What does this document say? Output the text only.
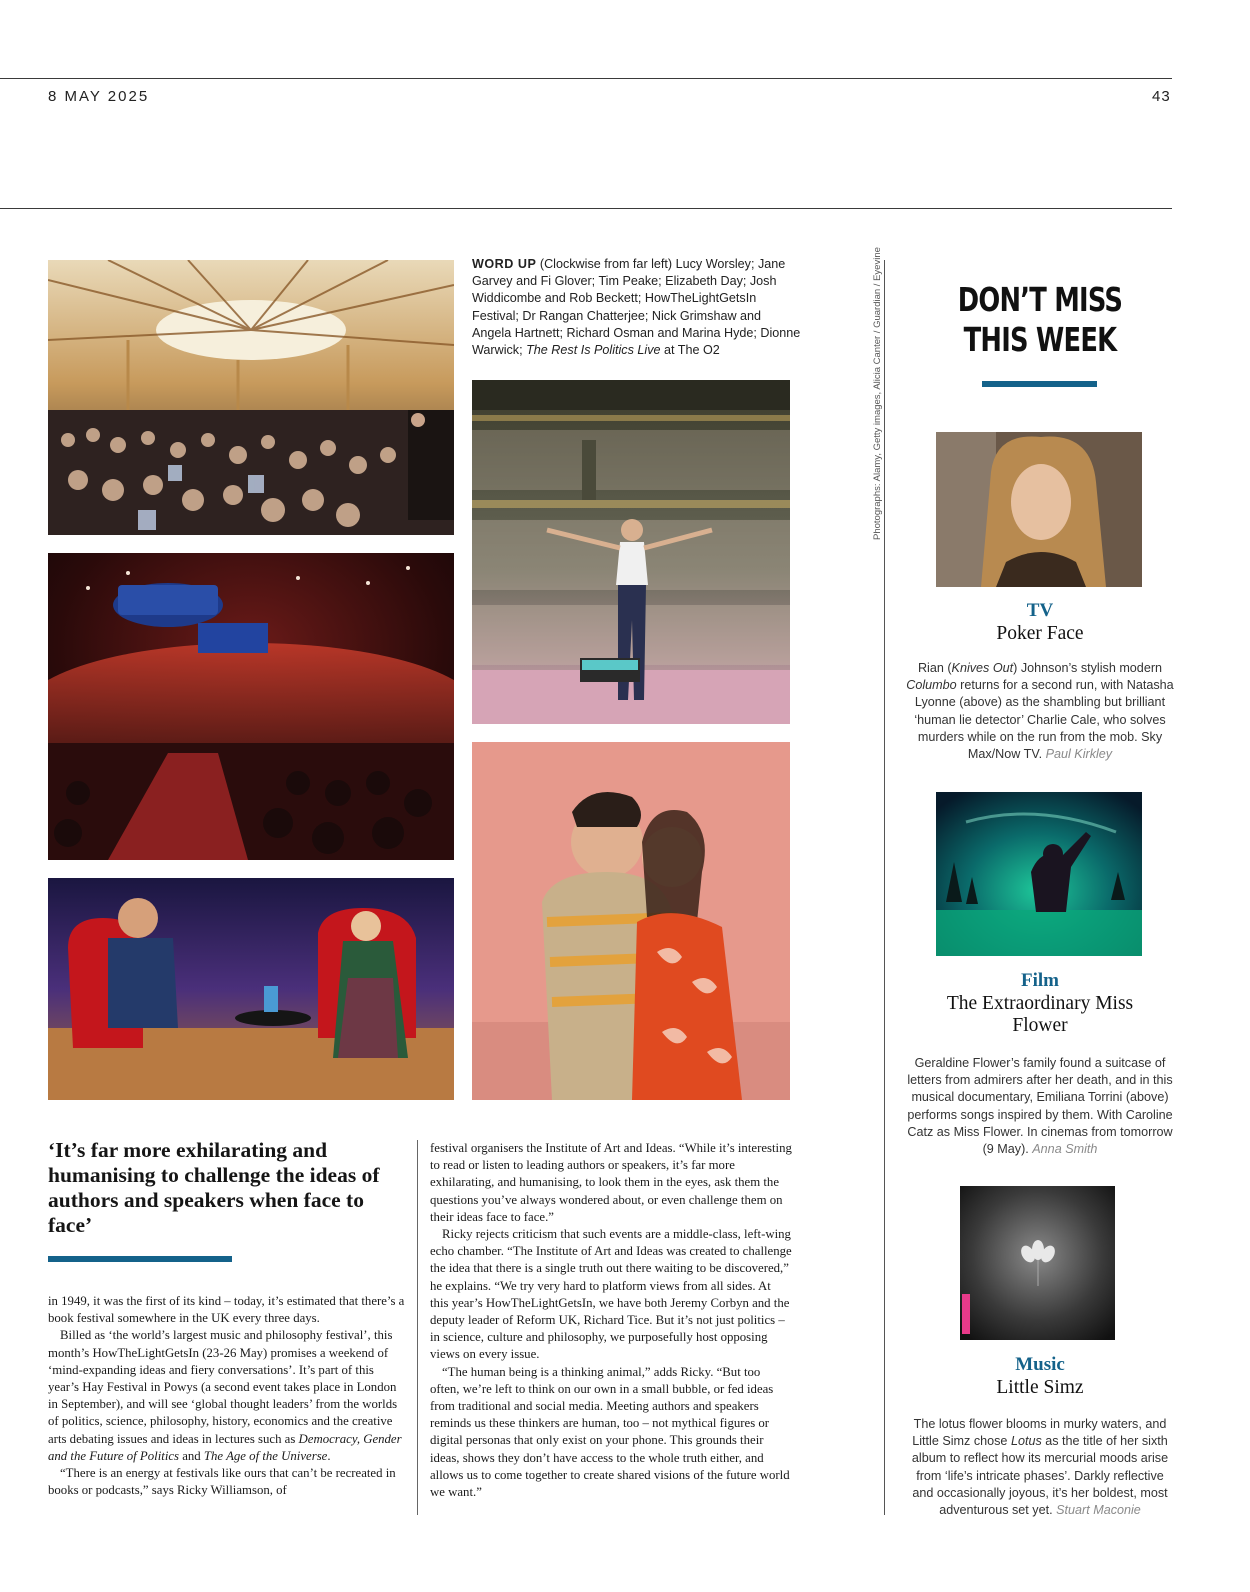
8 MAY 2025	43
WORD UP (Clockwise from far left) Lucy Worsley; Jane Garvey and Fi Glover; Tim Peake; Elizabeth Day; Josh Widdicombe and Rob Beckett; HowTheLightGetsIn Festival; Dr Rangan Chatterjee; Nick Grimshaw and Angela Hartnett; Richard Osman and Marina Hyde; Dionne Warwick; The Rest Is Politics Live at The O2	Photographs: Alamy, Getty images, Alicia Canter / Guardian / Eyevine DON’T MISS
THIS WEEK
TV
Poker Face
Rian (Knives Out) Johnson’s stylish modern Columbo returns for a second run, with Natasha Lyonne (above) as the shambling but brilliant ‘human lie detector’ Charlie Cale, who solves murders while on the run from the mob. Sky Max/Now TV. Paul Kirkley
Film
The Extraordinary Miss Flower
Geraldine Flower’s family found a suitcase of letters from admirers after her death, and in this musical documentary, Emiliana Torrini (above) performs songs inspired by them. With Caroline Catz as Miss Flower. In cinemas from tomorrow (9 May). Anna Smith
Music
Little Simz
The lotus flower blooms in murky waters, and Little Simz chose Lotus as the title of her sixth album to reflect how its mercurial moods arise from ‘life’s intricate phases’. Darkly reflective and occasionally joyous, it’s her boldest, most adventurous set yet. Stuart Maconie
‘It’s far more exhilarating and humanising to challenge the ideas of authors and speakers when face to face’

in 1949, it was the first of its kind – today, it’s estimated that there’s a book festival somewhere in the UK every three days.

Billed as ‘the world’s largest music and philosophy festival’, this month’s HowTheLightGetsIn (23-26 May) promises a weekend of ‘mind-expanding ideas and fiery conversations’. It’s part of this year’s Hay Festival in Powys (a second event takes place in London in September), and will see ‘global thought leaders’ from the worlds of politics, science, philosophy, history, economics and the creative arts debating issues and ideas in lectures such as Democracy, Gender and the Future of Politics and The Age of the Universe.

“There is an energy at festivals like ours that can’t be recreated in books or podcasts,” says Ricky Williamson, of

festival organisers the Institute of Art and Ideas. “While it’s interesting to read or listen to leading authors or speakers, it’s far more exhilarating, and humanising, to look them in the eyes, ask them the questions you’ve always wondered about, or even challenge them on their ideas face to face.”

Ricky rejects criticism that such events are a middle-class, left-wing echo chamber. “The Institute of Art and Ideas was created to challenge the idea that there is a single truth out there waiting to be discovered,” he explains. “We try very hard to platform views from all sides. At this year’s HowTheLightGetsIn, we have both Jeremy Corbyn and the deputy leader of Reform UK, Richard Tice. But it’s not just politics – in science, culture and philosophy, we purposefully host opposing views on every issue.

“The human being is a thinking animal,” adds Ricky. “But too often, we’re left to think on our own in a small bubble, or fed ideas from traditional and social media. Meeting authors and speakers reminds us these thinkers are human, too – not mythical figures or digital personas that only exist on your phone. This grounds their ideas, shows they don’t have access to the whole truth either, and allows us to come together to create shared visions of the future world we want.”
